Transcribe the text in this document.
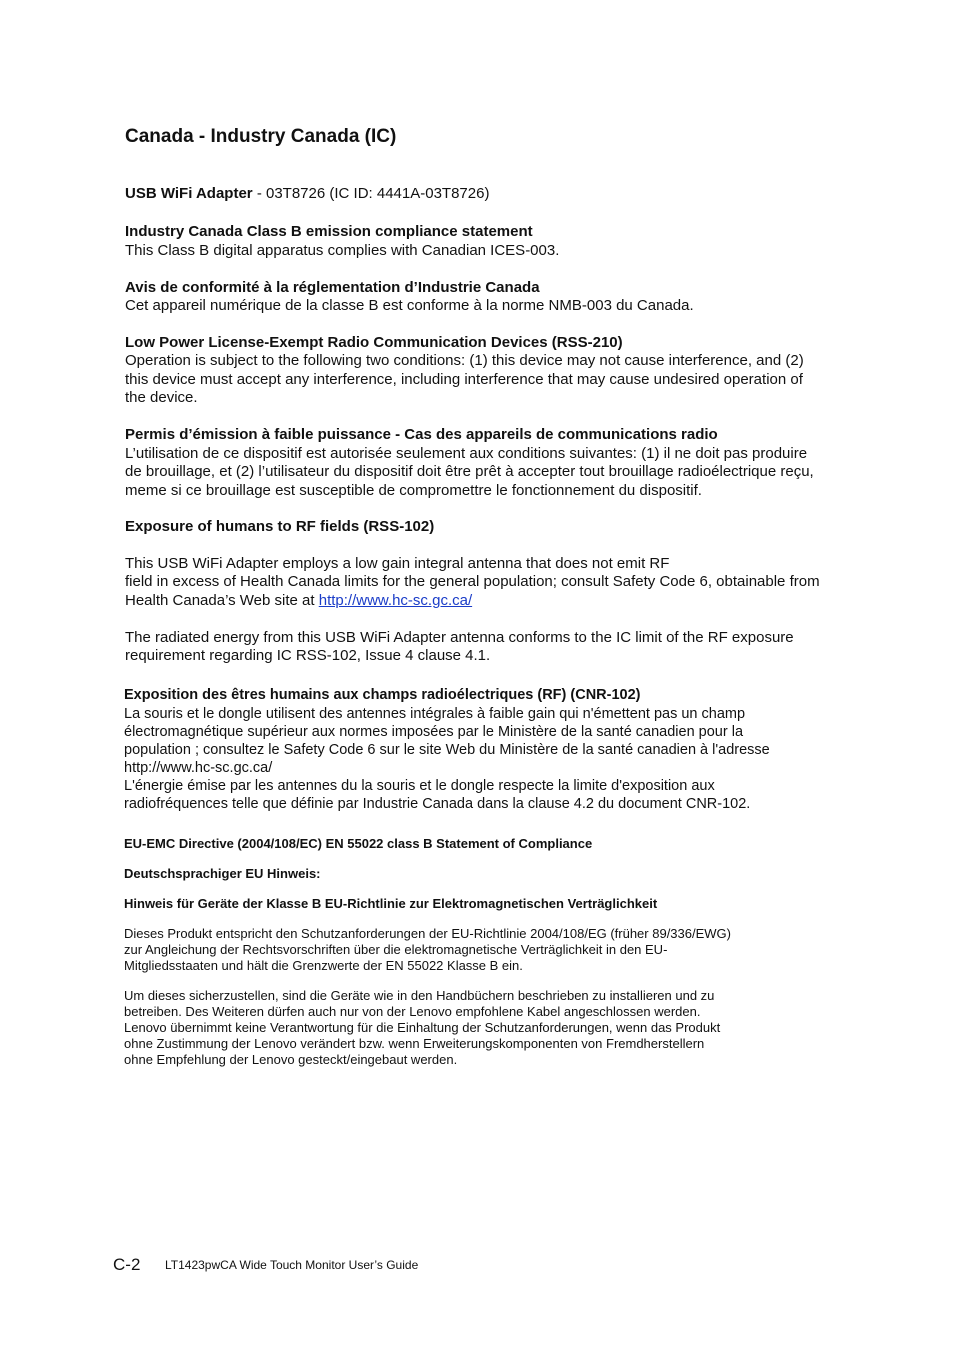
Canada - Industry Canada (IC)
USB WiFi Adapter - 03T8726 (IC ID: 4441A-03T8726)
Industry Canada Class B emission compliance statement
This Class B digital apparatus complies with Canadian ICES-003.
Avis de conformité à la réglementation d’Industrie Canada
Cet appareil numérique de la classe B est conforme à la norme NMB-003 du Canada.
Low Power License-Exempt Radio Communication Devices (RSS-210)
Operation is subject to the following two conditions: (1) this device may not cause interference, and (2)
this device must accept any interference, including interference that may cause undesired operation of
the device.
Permis d’émission à faible puissance - Cas des appareils de communications radio
L’utilisation de ce dispositif est autorisée seulement aux conditions suivantes: (1) il ne doit pas produire
de brouillage, et (2) l’utilisateur du dispositif doit être prêt à accepter tout brouillage radioélectrique reçu,
meme si ce brouillage est susceptible de compromettre le fonctionnement du dispositif.
Exposure of humans to RF fields (RSS-102)
This USB WiFi Adapter employs a low gain integral antenna that does not emit RF
field in excess of Health Canada limits for the general population; consult Safety Code 6, obtainable from
Health Canada’s Web site at http://www.hc-sc.gc.ca/
The radiated energy from this USB WiFi Adapter antenna conforms to the IC limit of the RF exposure
requirement regarding IC RSS-102, Issue 4 clause 4.1.
Exposition des êtres humains aux champs radioélectriques (RF) (CNR-102)
La souris et le dongle utilisent des antennes intégrales à faible gain qui n'émettent pas un champ
électromagnétique supérieur aux normes imposées par le Ministère de la santé canadien pour la
population ; consultez le Safety Code 6 sur le site Web du Ministère de la santé canadien à l'adresse
http://www.hc-sc.gc.ca/
L'énergie émise par les antennes du la souris et le dongle respecte la limite d'exposition aux
radiofréquences telle que définie par Industrie Canada dans la clause 4.2 du document CNR-102.
EU-EMC Directive (2004/108/EC) EN 55022 class B Statement of Compliance
Deutschsprachiger EU Hinweis:
Hinweis für Geräte der Klasse B EU-Richtlinie zur Elektromagnetischen Verträglichkeit
Dieses Produkt entspricht den Schutzanforderungen der EU-Richtlinie 2004/108/EG (früher 89/336/EWG)
zur Angleichung der Rechtsvorschriften über die elektromagnetische Verträglichkeit in den EU-
Mitgliedsstaaten und hält die Grenzwerte der EN 55022 Klasse B ein.
Um dieses sicherzustellen, sind die Geräte wie in den Handbüchern beschrieben zu installieren und zu
betreiben. Des Weiteren dürfen auch nur von der Lenovo empfohlene Kabel angeschlossen werden.
Lenovo übernimmt keine Verantwortung für die Einhaltung der Schutzanforderungen, wenn das Produkt
ohne Zustimmung der Lenovo verändert bzw. wenn Erweiterungskomponenten von Fremdherstellern
ohne Empfehlung der Lenovo gesteckt/eingebaut werden.
C-2 LT1423pwCA Wide Touch Monitor User’s Guide
